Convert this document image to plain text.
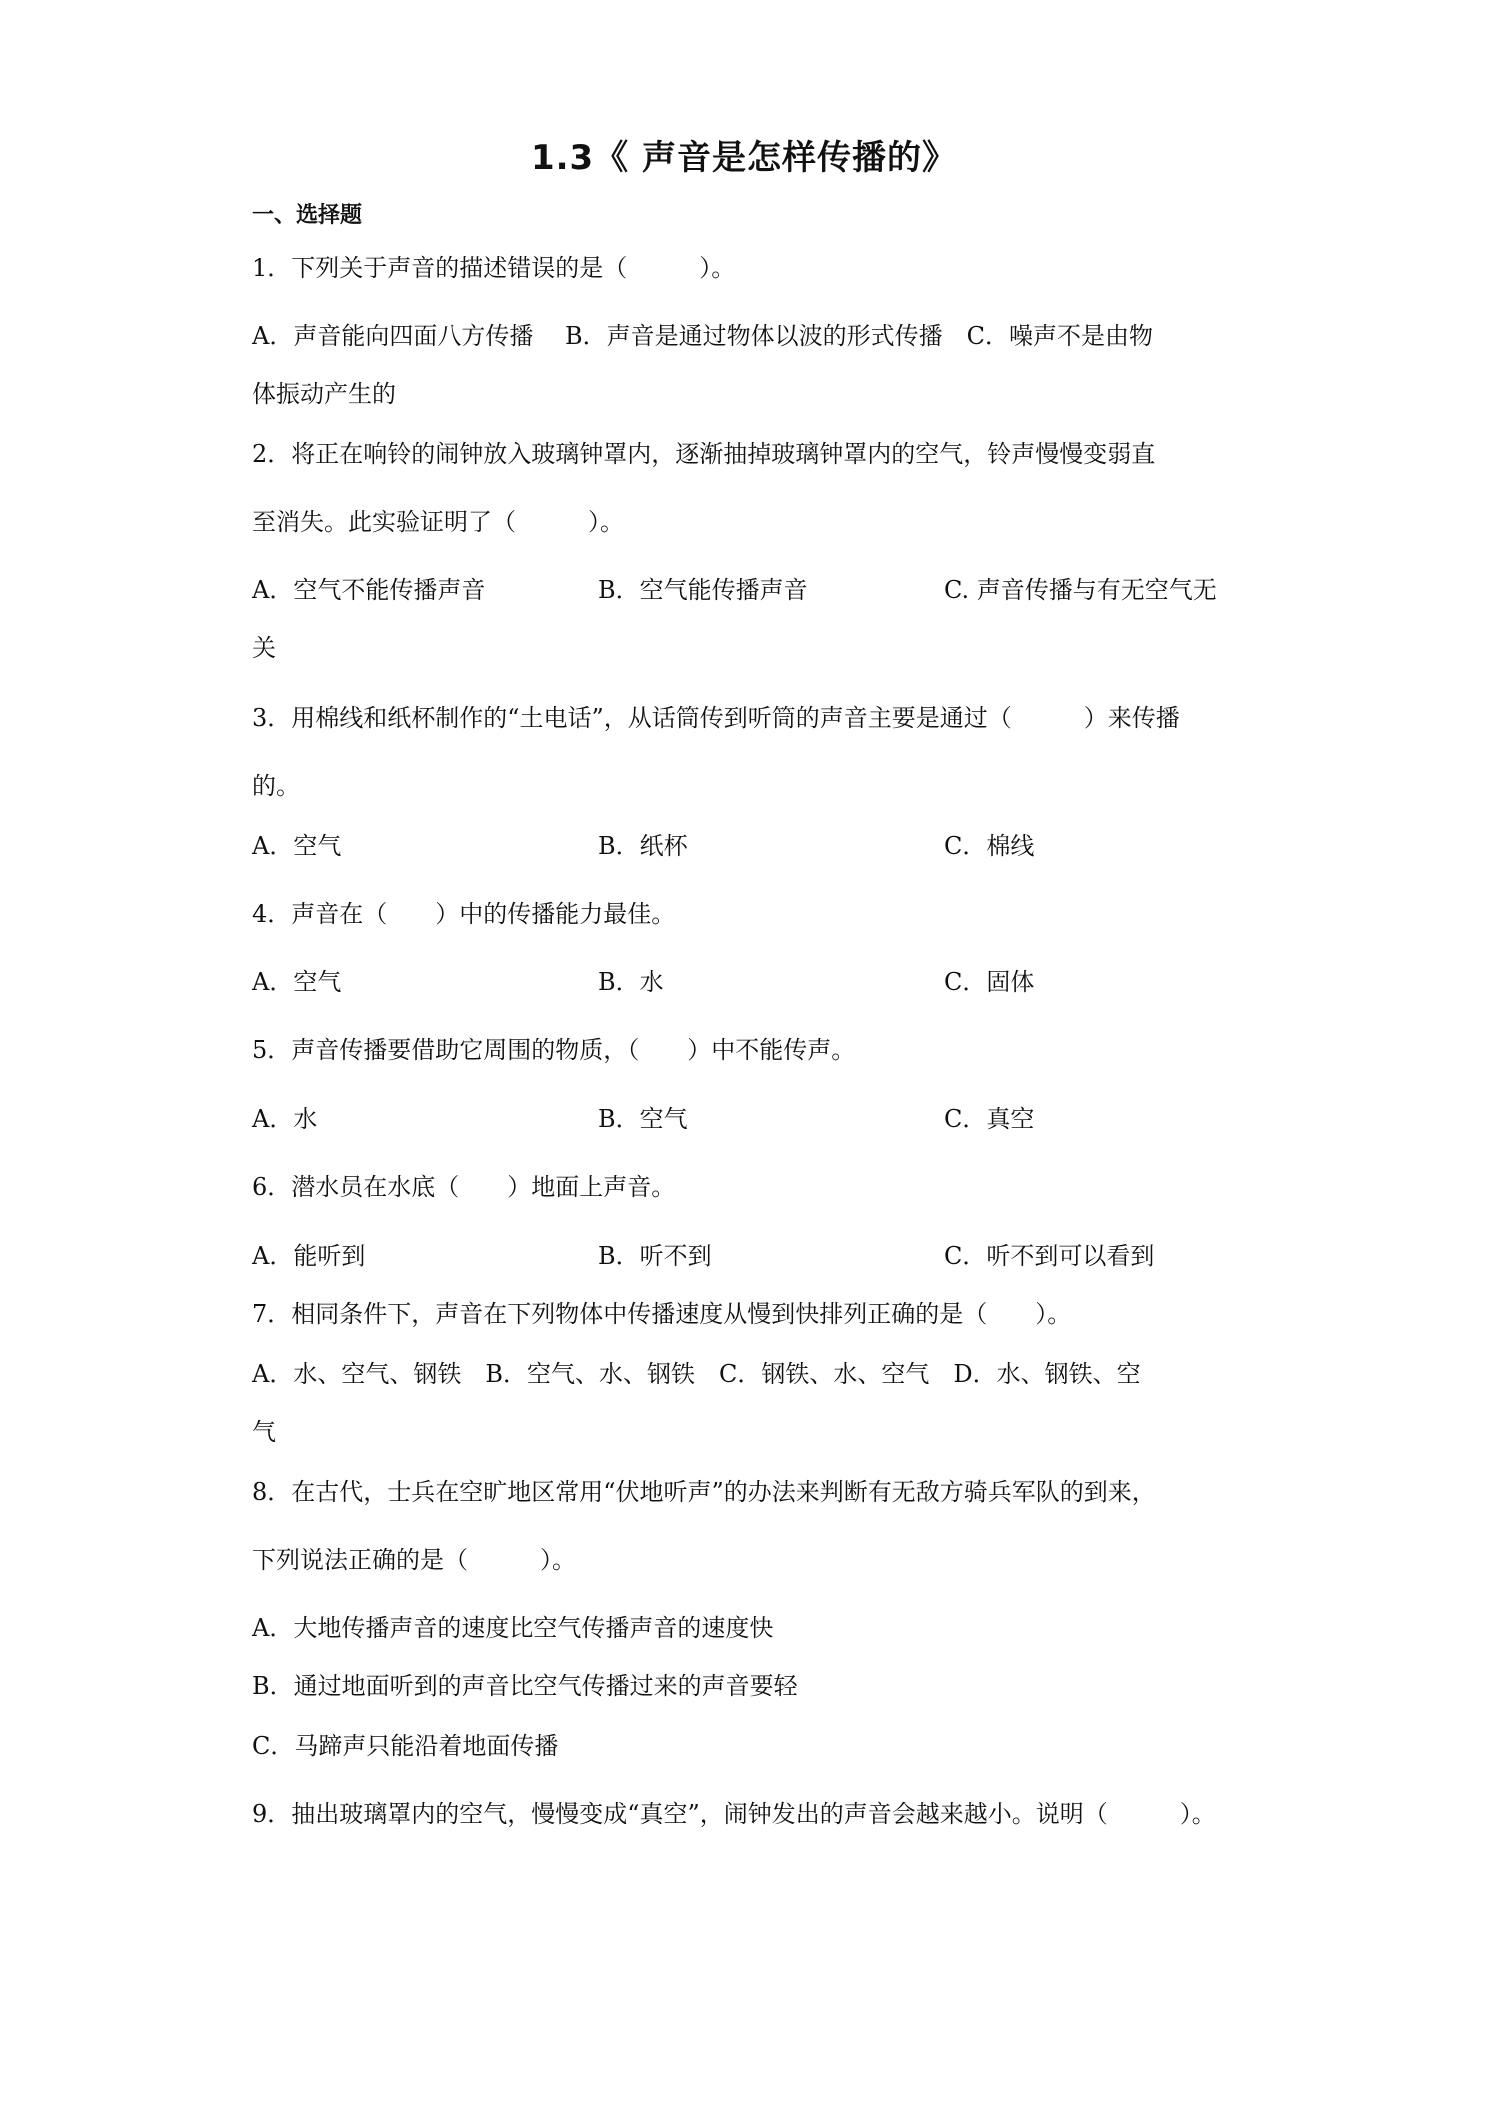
1.3《 声音是怎样传播的》
一、选择题
1．下列关于声音的描述错误的是（　　　）。
A．声音能向四面八方传播　 B．声音是通过物体以波的形式传播　C．噪声不是由物
体振动产生的
2．将正在响铃的闹钟放入玻璃钟罩内，逐渐抽掉玻璃钟罩内的空气，铃声慢慢变弱直
至消失。此实验证明了（　　　）。
A．空气不能传播声音	B．空气能传播声音	C. 声音传播与有无空气无
关
3．用棉线和纸杯制作的“土电话”，从话筒传到听筒的声音主要是通过（　　　）来传播
的。
A．空气	B．纸杯	C．棉线
4．声音在（　　）中的传播能力最佳。
A．空气	B．水	C．固体
5．声音传播要借助它周围的物质，（　　）中不能传声。
A．水	B．空气	C．真空
6．潜水员在水底（　　）地面上声音。
A．能听到	B．听不到	C．听不到可以看到
7．相同条件下，声音在下列物体中传播速度从慢到快排列正确的是（　　）。
A．水、空气、钢铁　B．空气、水、钢铁　C．钢铁、水、空气　D．水、钢铁、空
气
8．在古代，士兵在空旷地区常用“伏地听声”的办法来判断有无敌方骑兵军队的到来，
下列说法正确的是（　　　）。
A．大地传播声音的速度比空气传播声音的速度快
B．通过地面听到的声音比空气传播过来的声音要轻
C．马蹄声只能沿着地面传播
9．抽出玻璃罩内的空气，慢慢变成“真空”，闹钟发出的声音会越来越小。说明（　　　）。
